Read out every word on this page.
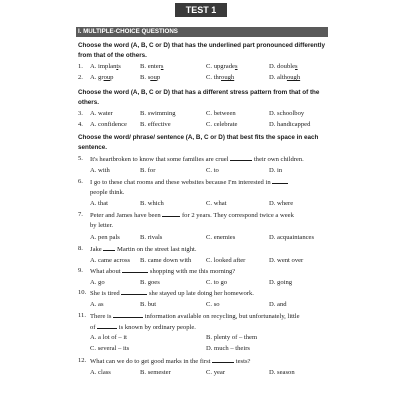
TEST 1
I. MULTIPLE-CHOICE QUESTIONS
Choose the word (A, B, C or D) that has the underlined part pronounced differently from that of the others.
Choose the word (A, B, C or D) that has a different stress pattern from that of the others.
Choose the word/ phrase/ sentence (A, B, C or D) that best fits the space in each sentence.
1.	A. implants	B. enters	C. upgrades	D. doubles
2.	A. group	B. soup	C. through	D. although
3.	A. water	B. swimming	C. between	D. schoolboy
4.	A. confidence B. effective	C. celebrate	D. handicapped
5.	It's heartbroken to know that some families are cruel	their own children.
A. with	B. for	C. to	D. in
6.	I go to these chat rooms and these websites because I'm interested in
people think.
A. that	B. which	C. what	D. where
7.	Peter and James have been	for 2 years. They correspond twice a week
by letter.
A. pen pals	B. rivals	C. enemies	D. acquaintances
8.	Jake  Martin on the street last night.
A. came across B. came down with C. looked after	D. went over
9.	What about	shopping with me this morning?
A. go	B. goes	C. to go	D. going
10. She is tired	she stayed up late doing her homework.
A. as	B. but	C. so	D. and
11. There is	information available on recycling, but unfortunately, little
of	is known by ordinary people.
A. a lot of – it	B. plenty of – them
C. several – its	D. much – theirs
12. What can we do to get good marks in the first	tests?
A. class	B. semester	C. year	D. season
